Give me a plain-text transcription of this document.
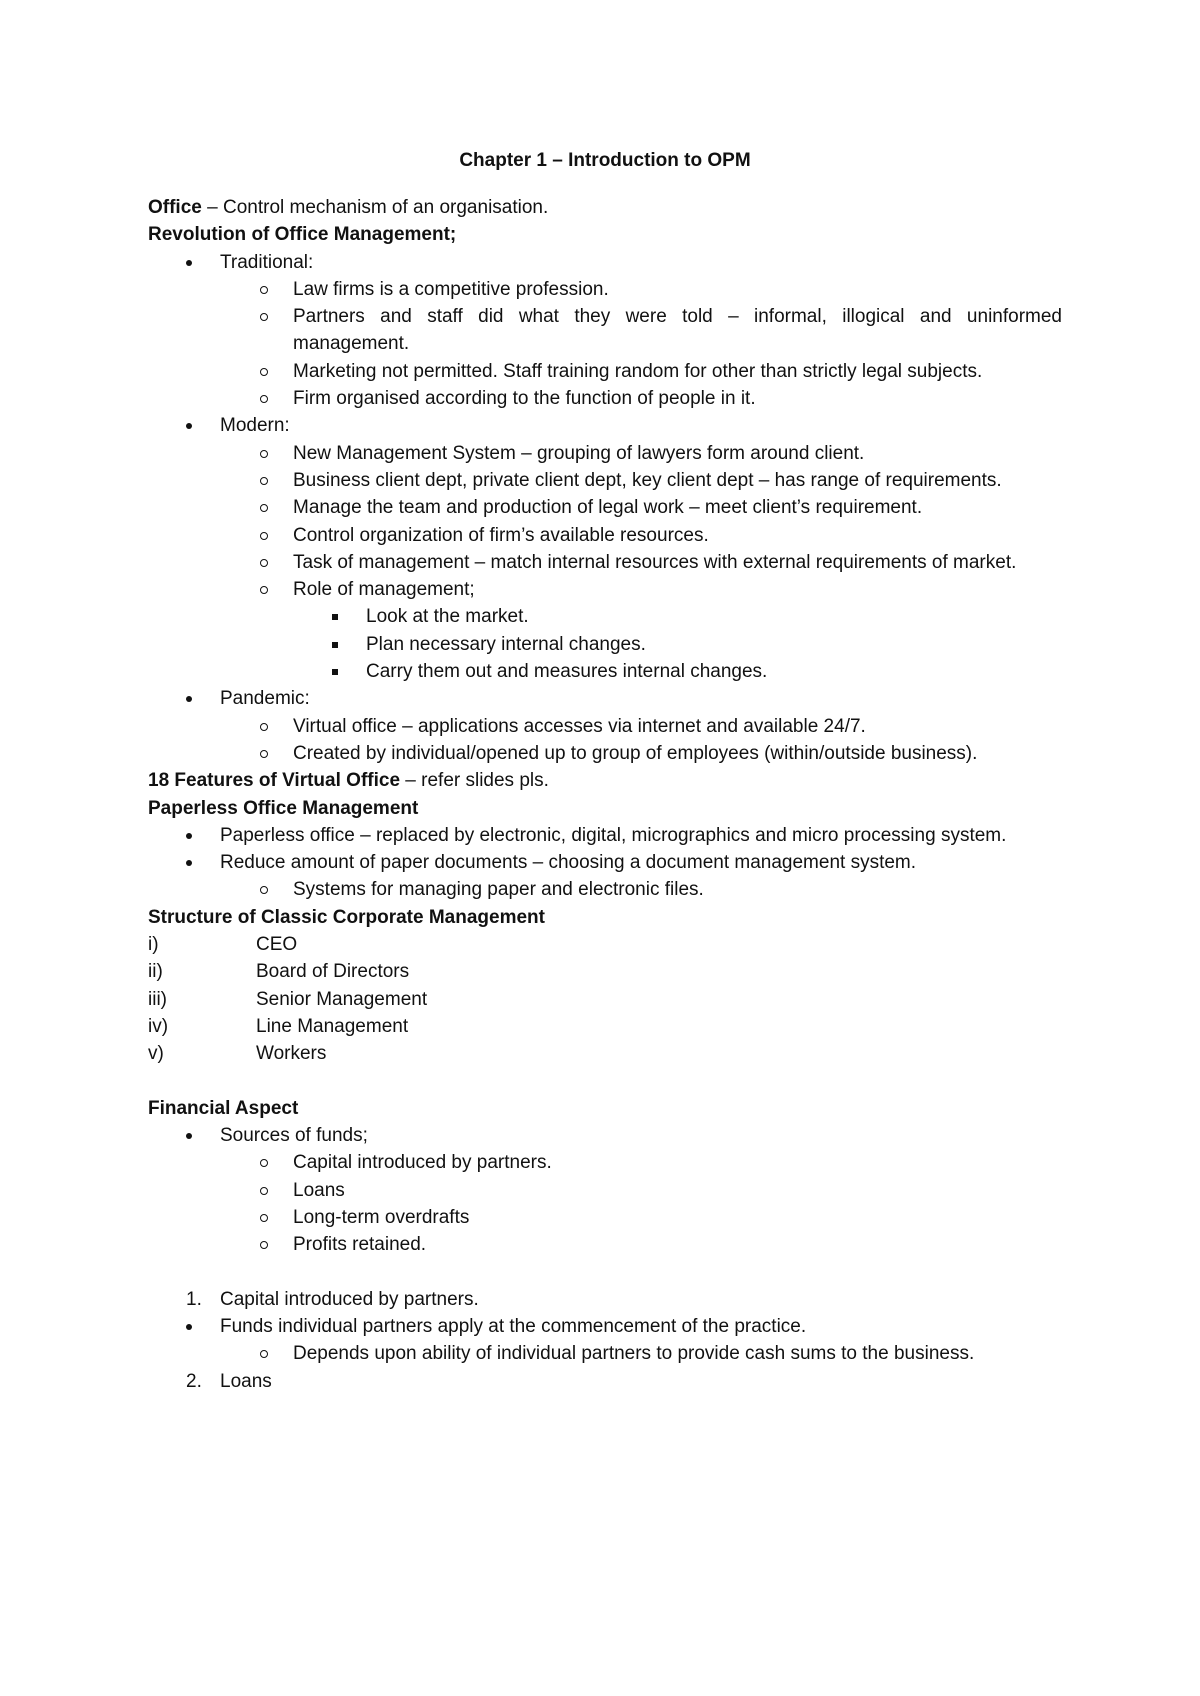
Chapter 1 – Introduction to OPM
Office – Control mechanism of an organisation.
Revolution of Office Management;
Traditional:
Law firms is a competitive profession.
Partners and staff did what they were told – informal, illogical and uninformed management.
Marketing not permitted. Staff training random for other than strictly legal subjects.
Firm organised according to the function of people in it.
Modern:
New Management System – grouping of lawyers form around client.
Business client dept, private client dept, key client dept – has range of requirements.
Manage the team and production of legal work – meet client’s requirement.
Control organization of firm’s available resources.
Task of management – match internal resources with external requirements of market.
Role of management;
Look at the market.
Plan necessary internal changes.
Carry them out and measures internal changes.
Pandemic:
Virtual office – applications accesses via internet and available 24/7.
Created by individual/opened up to group of employees (within/outside business).
18 Features of Virtual Office – refer slides pls.
Paperless Office Management
Paperless office – replaced by electronic, digital, micrographics and micro processing system.
Reduce amount of paper documents – choosing a document management system.
Systems for managing paper and electronic files.
Structure of Classic Corporate Management
i)	CEO
ii)	Board of Directors
iii)	Senior Management
iv)	Line Management
v)	Workers
Financial Aspect
Sources of funds;
Capital introduced by partners.
Loans
Long-term overdrafts
Profits retained.
1. Capital introduced by partners.
Funds individual partners apply at the commencement of the practice.
Depends upon ability of individual partners to provide cash sums to the business.
2. Loans
